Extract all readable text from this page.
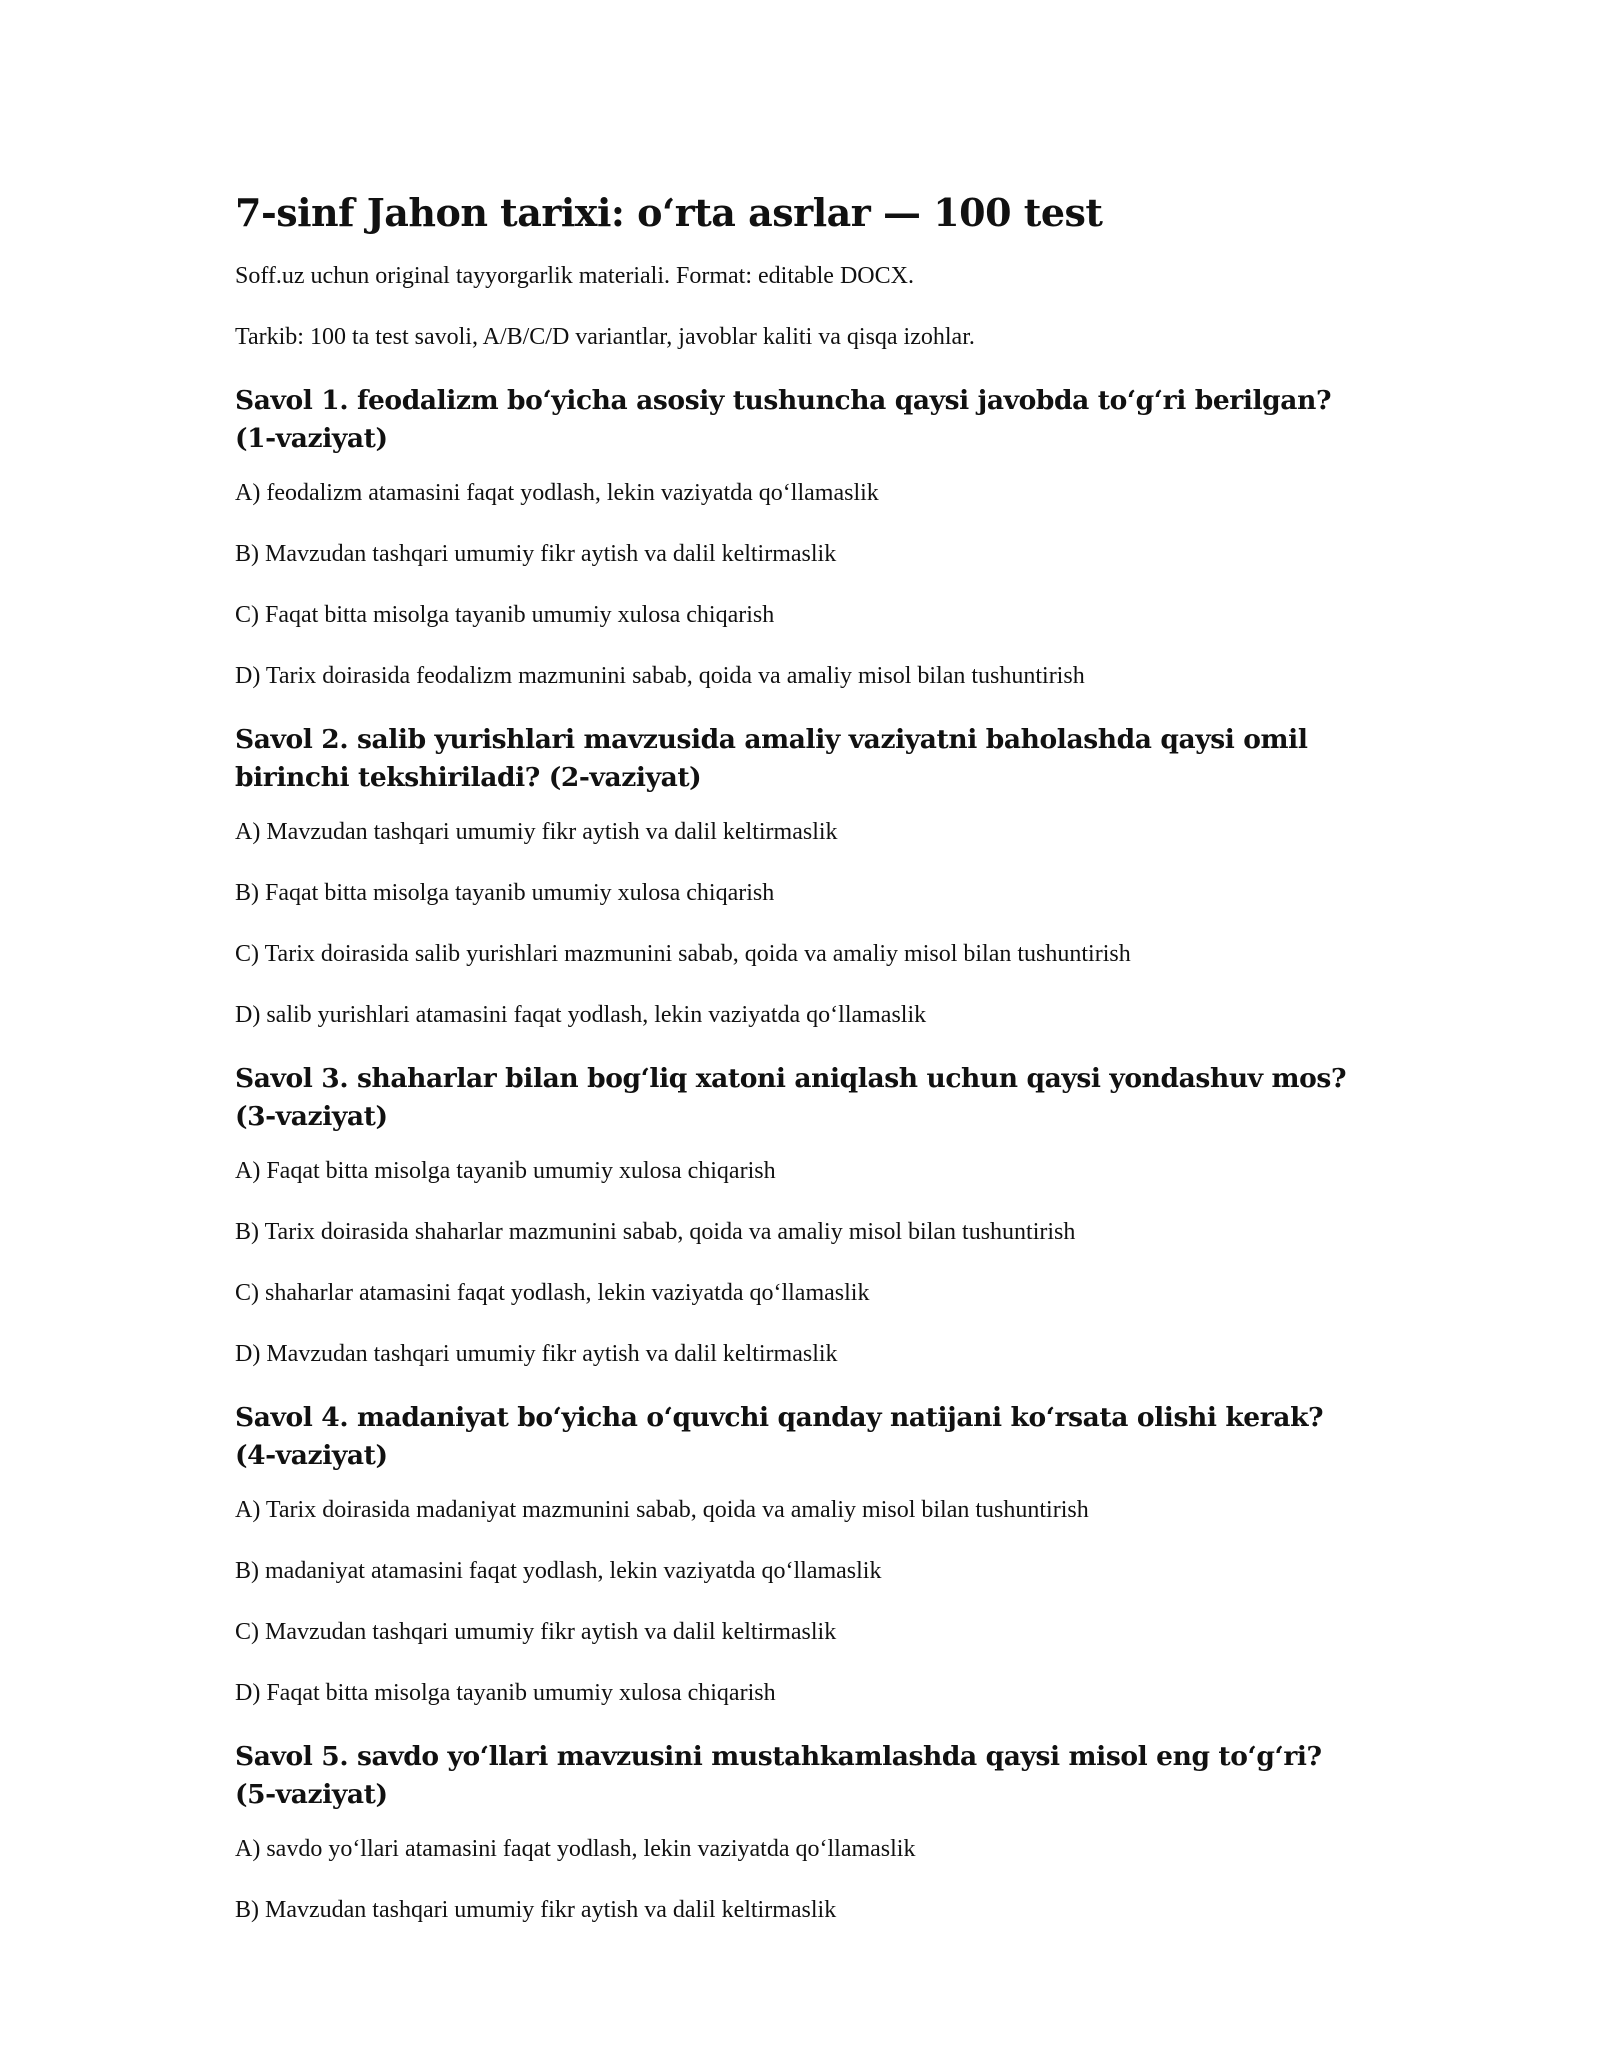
7-sinf Jahon tarixi: o‘rta asrlar — 100 test

Soff.uz uchun original tayyorgarlik materiali. Format: editable DOCX.

Tarkib: 100 ta test savoli, A/B/C/D variantlar, javoblar kaliti va qisqa izohlar.

Savol 1. feodalizm bo‘yicha asosiy tushuncha qaysi javobda to‘g‘ri berilgan? (1-vaziyat)

A) feodalizm atamasini faqat yodlash, lekin vaziyatda qo‘llamaslik

B) Mavzudan tashqari umumiy fikr aytish va dalil keltirmaslik

C) Faqat bitta misolga tayanib umumiy xulosa chiqarish

D) Tarix doirasida feodalizm mazmunini sabab, qoida va amaliy misol bilan tushuntirish

Savol 2. salib yurishlari mavzusida amaliy vaziyatni baholashda qaysi omil birinchi tekshiriladi? (2-vaziyat)

A) Mavzudan tashqari umumiy fikr aytish va dalil keltirmaslik

B) Faqat bitta misolga tayanib umumiy xulosa chiqarish

C) Tarix doirasida salib yurishlari mazmunini sabab, qoida va amaliy misol bilan tushuntirish

D) salib yurishlari atamasini faqat yodlash, lekin vaziyatda qo‘llamaslik

Savol 3. shaharlar bilan bog‘liq xatoni aniqlash uchun qaysi yondashuv mos? (3-vaziyat)

A) Faqat bitta misolga tayanib umumiy xulosa chiqarish

B) Tarix doirasida shaharlar mazmunini sabab, qoida va amaliy misol bilan tushuntirish

C) shaharlar atamasini faqat yodlash, lekin vaziyatda qo‘llamaslik

D) Mavzudan tashqari umumiy fikr aytish va dalil keltirmaslik

Savol 4. madaniyat bo‘yicha o‘quvchi qanday natijani ko‘rsata olishi kerak? (4-vaziyat)

A) Tarix doirasida madaniyat mazmunini sabab, qoida va amaliy misol bilan tushuntirish

B) madaniyat atamasini faqat yodlash, lekin vaziyatda qo‘llamaslik

C) Mavzudan tashqari umumiy fikr aytish va dalil keltirmaslik

D) Faqat bitta misolga tayanib umumiy xulosa chiqarish

Savol 5. savdo yo‘llari mavzusini mustahkamlashda qaysi misol eng to‘g‘ri? (5-vaziyat)

A) savdo yo‘llari atamasini faqat yodlash, lekin vaziyatda qo‘llamaslik

B) Mavzudan tashqari umumiy fikr aytish va dalil keltirmaslik
